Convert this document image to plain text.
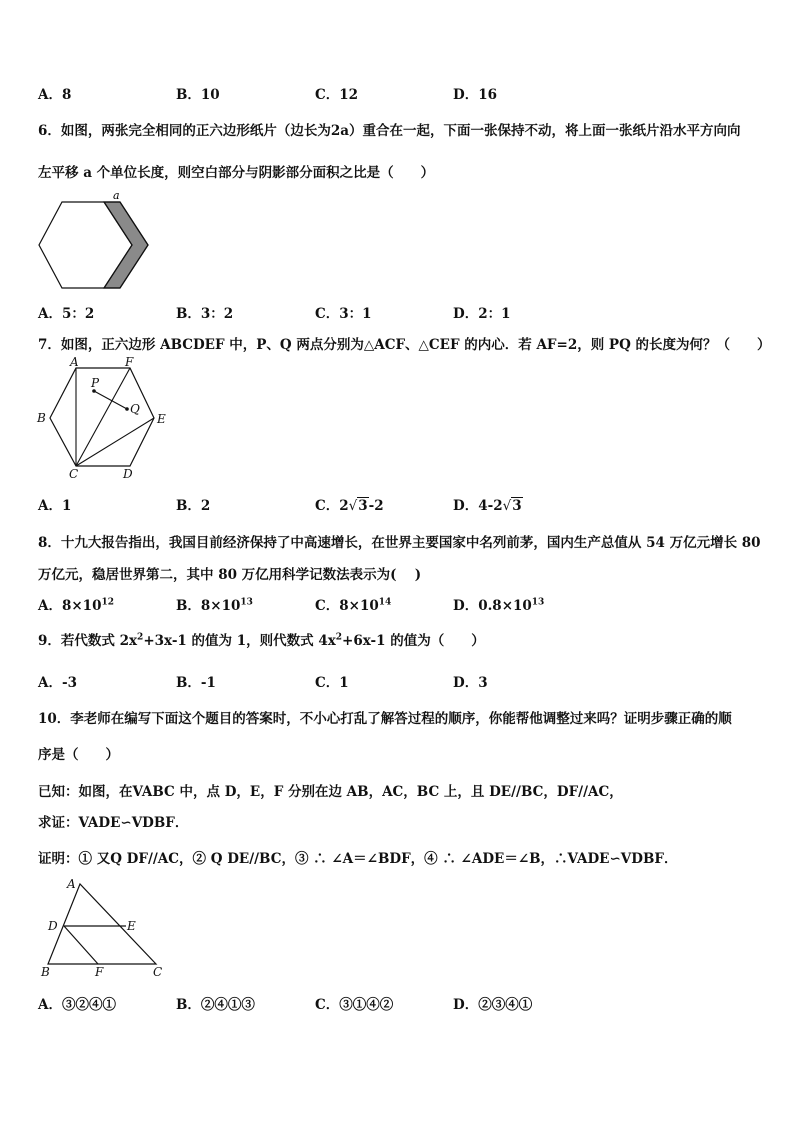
A．8	B．10	C．12	D．16
6．如图，两张完全相同的正六边形纸片（边长为2a）重合在一起，下面一张保持不动，将上面一张纸片沿水平方向向
左平移 a 个单位长度，则空白部分与阴影部分面积之比是（　　）
a
A．5：2	B．3：2	C．3：1	D．2：1
7．如图，正六边形 ABCDEF 中，P、Q 两点分别为△ACF、△CEF 的内心．若 AF=2，则 PQ 的长度为何？（　　）
A	F
B	E
C	D
P
Q
A．1	B．2	C．2√3-2	D．4-2√3
8．十九大报告指出，我国目前经济保持了中高速增长，在世界主要国家中名列前茅，国内生产总值从 54 万亿元增长 80
万亿元，稳居世界第二，其中 80 万亿用科学记数法表示为(　 )
A．$8\times 10^{12}$	B．$8\times 10^{13}$	C．$8\times 10^{14}$	D．$0.8\times 10^{13}$
9．若代数式 $2x^2+3x-1$ 的值为 1，则代数式 $4x^2+6x-1$ 的值为（　　）
A．-3	B．-1	C．1	D．3
10．李老师在编写下面这个题目的答案时，不小心打乱了解答过程的顺序，你能帮他调整过来吗？证明步骤正确的顺
序是（　　）
已知：如图，在VABC 中，点 D，E，F 分别在边 AB，AC，BC 上，且 DE//BC，DF//AC，
求证：VADE∽VDBF．
证明：① 又Q DF//AC，② Q DE//BC，③ ∴ ∠A＝∠BDF，④ ∴ ∠ADE＝∠B，∴VADE∽VDBF．
A
D	E
B	F	C
A．③②④①	B．②④①③	C．③①④②	D．②③④①
